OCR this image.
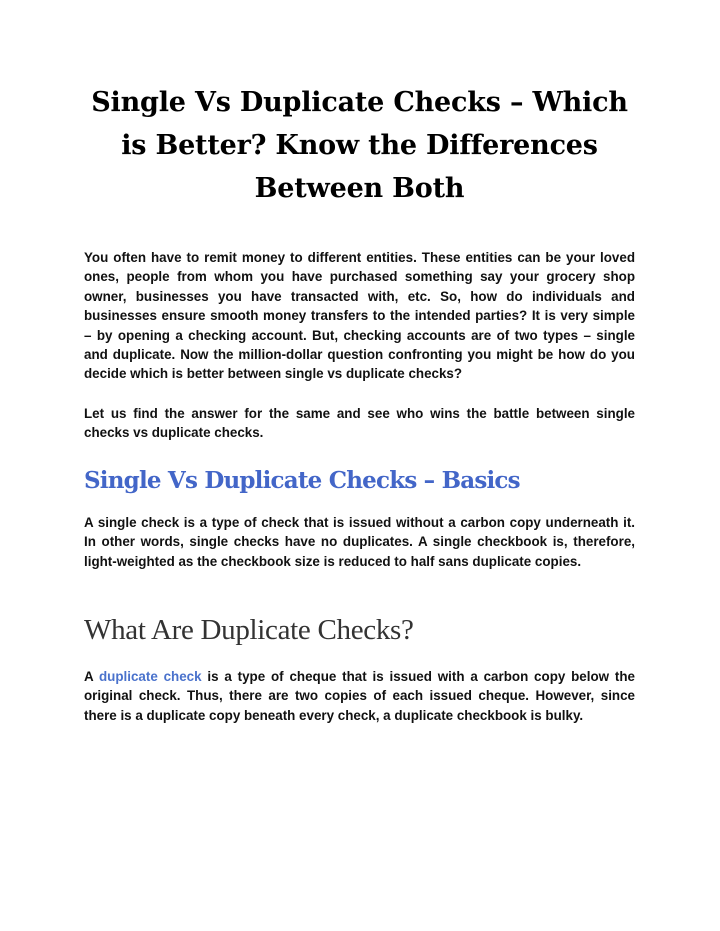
Single Vs Duplicate Checks – Which is Better? Know the Differences Between Both

You often have to remit money to different entities. These entities can be your loved ones, people from whom you have purchased something say your grocery shop owner, businesses you have transacted with, etc. So, how do individuals and businesses ensure smooth money transfers to the intended parties? It is very simple – by opening a checking account. But, checking accounts are of two types – single and duplicate. Now the million-dollar question confronting you might be how do you decide which is better between single vs duplicate checks?

Let us find the answer for the same and see who wins the battle between single checks vs duplicate checks.

Single Vs Duplicate Checks – Basics

A single check is a type of check that is issued without a carbon copy underneath it. In other words, single checks have no duplicates. A single checkbook is, therefore, light-weighted as the checkbook size is reduced to half sans duplicate copies.

What Are Duplicate Checks?

A duplicate check is a type of cheque that is issued with a carbon copy below the original check. Thus, there are two copies of each issued cheque. However, since there is a duplicate copy beneath every check, a duplicate checkbook is bulky.
